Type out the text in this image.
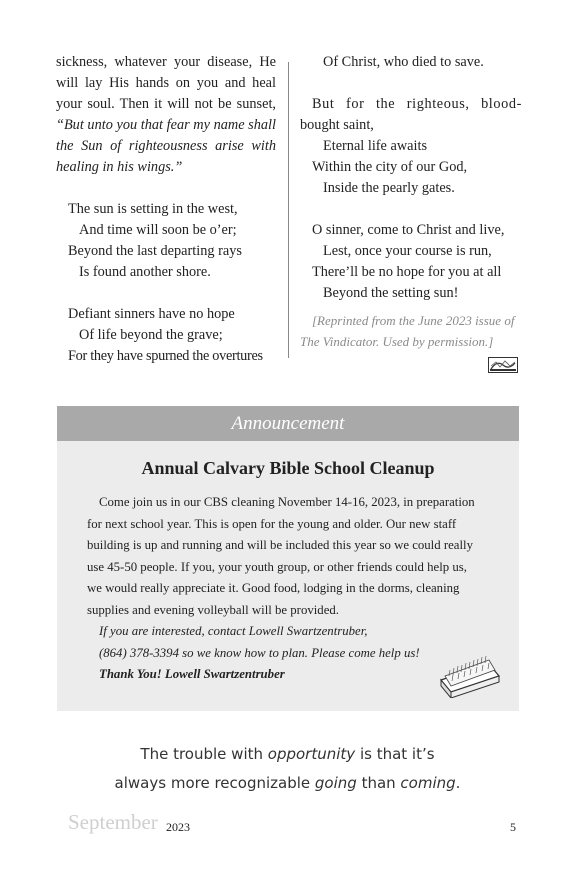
sickness, whatever your disease, He
will lay His hands on you and heal
your soul. Then it will not be sunset,
“But unto you that fear my name shall
the Sun of righteousness arise with
healing in his wings.”
The sun is setting in the west,
And time will soon be o’er;
Beyond the last departing rays
Is found another shore.
Defiant sinners have no hope
Of life beyond the grave;
For they have spurned the overtures
Of Christ, who died to save.
But for the righteous, blood-
bought saint,
Eternal life awaits
Within the city of our God,
Inside the pearly gates.
O sinner, come to Christ and live,
Lest, once your course is run,
There’ll be no hope for you at all
Beyond the setting sun!
[Reprinted from the June 2023 issue of
The Vindicator. Used by permission.]
Announcement
Annual Calvary Bible School Cleanup
Come join us in our CBS cleaning November 14-16, 2023, in preparation
for next school year. This is open for the young and older. Our new staff
building is up and running and will be included this year so we could really
use 45-50 people. If you, your youth group, or other friends could help us,
we would really appreciate it. Good food, lodging in the dorms, cleaning
supplies and evening volleyball will be provided.
If you are interested, contact Lowell Swartzentruber,
(864) 378-3394 so we know how to plan. Please come help us!
Thank You! Lowell Swartzentruber
The trouble with opportunity is that it’s
always more recognizable going than coming.
September 2023	5
